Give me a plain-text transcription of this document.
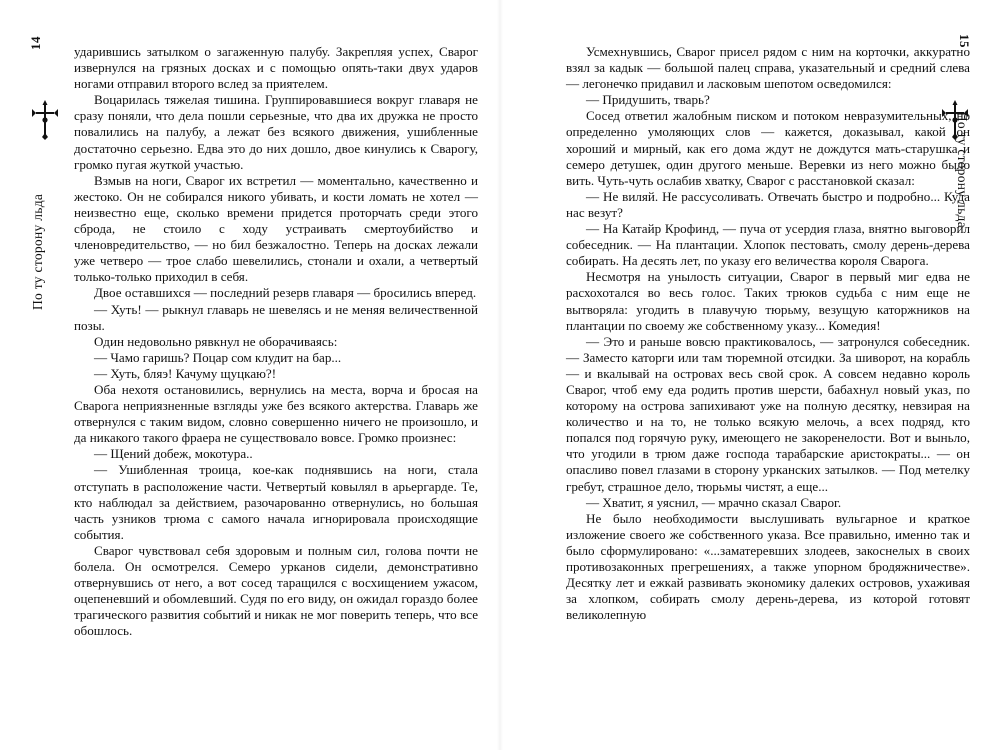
14
По ту сторону льда

ударившись затылком о загаженную палубу. Закрепляя успех, Сварог извернулся на грязных досках и с помощью опять-таки двух ударов ногами отправил второго вслед за приятелем.

Воцарилась тяжелая тишина. Группировавшиеся вокруг главаря не сразу поняли, что дела пошли серьезные, что два их дружка не просто повалились на палубу, а лежат без всякого движения, ушибленные достаточно серьезно. Едва это до них дошло, двое кинулись к Сварогу, громко пугая жуткой участью.

Взмыв на ноги, Сварог их встретил — моментально, качественно и жестоко. Он не собирался никого убивать, и кости ломать не хотел — неизвестно еще, сколько времени придется проторчать среди этого сброда, не стоило с ходу устраивать смертоубийство и членовредительство, — но бил безжалостно. Теперь на досках лежали уже четверо — трое слабо шевелились, стонали и охали, а четвертый только-только приходил в себя.

Двое оставшихся — последний резерв главаря — бросились вперед.

— Хуть! — рыкнул главарь не шевелясь и не меняя величественной позы.

Один недовольно рявкнул не оборачиваясь:

— Чамо гаришь? Поцар сом клудит на бар...

— Хуть, бляэ! Качуму щуцкаю?!

Оба нехотя остановились, вернулись на места, ворча и бросая на Сварога неприязненные взгляды уже без всякого актерства. Главарь же отвернулся с таким видом, словно совершенно ничего не произошло, и да никакого такого фраера не существовало вовсе. Громко произнес:

— Щений добеж, мокотура..

— Ушибленная троица, кое-как поднявшись на ноги, стала отступать в расположение части. Четвертый ковылял в арьергарде. Те, кто наблюдал за действием, разочарованно отвернулись, но большая часть узников трюма с самого начала игнорировала происходящие события.

Сварог чувствовал себя здоровым и полным сил, голова почти не болела. Он осмотрелся. Семеро урканов сидели, демонстративно отвернувшись от него, а вот сосед таращился с восхищением ужасом, оцепеневший и обомлевший. Судя по его виду, он ожидал гораздо более трагического развития событий и никак не мог поверить теперь, что все обошлось.

15
По ту сторону льда

Усмехнувшись, Сварог присел рядом с ним на корточки, аккуратно взял за кадык — большой палец справа, указательный и средний слева — легонечко придавил и ласковым шепотом осведомился:

— Придушить, тварь?

Сосед ответил жалобным писком и потоком невразумительных, но определенно умоляющих слов — кажется, доказывал, какой он хороший и мирный, как его дома ждут не дождутся мать-старушка и семеро детушек, один другого меньше. Веревки из него можно было вить. Чуть-чуть ослабив хватку, Сварог с расстановкой сказал:

— Не виляй. Не рассусоливать. Отвечать быстро и подробно... Куда нас везут?

— На Катайр Крофинд, — пуча от усердия глаза, внятно выговорил собеседник. — На плантации. Хлопок пестовать, смолу дерень-дерева собирать. На десять лет, по указу его величества короля Сварога.

Несмотря на унылость ситуации, Сварог в первый миг едва не расхохотался во весь голос. Таких трюков судьба с ним еще не вытворяла: угодить в плавучую тюрьму, везущую каторжников на плантации по своему же собственному указу... Комедия!

— Это и раньше вовсю практиковалось, — затронулся собеседник. — Заместо каторги или там тюремной отсидки. За шиворот, на корабль — и вкалывай на островах весь свой срок. А совсем недавно король Сварог, чтоб ему еда родить против шерсти, бабахнул новый указ, по которому на острова запихивают уже на полную десятку, невзирая на количество и на то, не только всякую мелочь, а всех подряд, кто попался под горячую руку, имеющего не закоренелости. Вот и выньло, что угодили в трюм даже господа тарабарские аристократы... — он опасливо повел глазами в сторону урканских затылков. — Под метелку гребут, страшное дело, тюрьмы чистят, а еще...

— Хватит, я уяснил, — мрачно сказал Сварог.

Не было необходимости выслушивать вульгарное и краткое изложение своего же собственного указа. Все правильно, именно так и было сформулировано: «...заматеревших злодеев, закоснелых в своих противозаконных прегрешениях, а также упорном бродяжничестве». Десятку лет и ежкай развивать экономику далеких островов, ухаживая за хлопком, собирать смолу дерень-дерева, из которой готовят великолепную
